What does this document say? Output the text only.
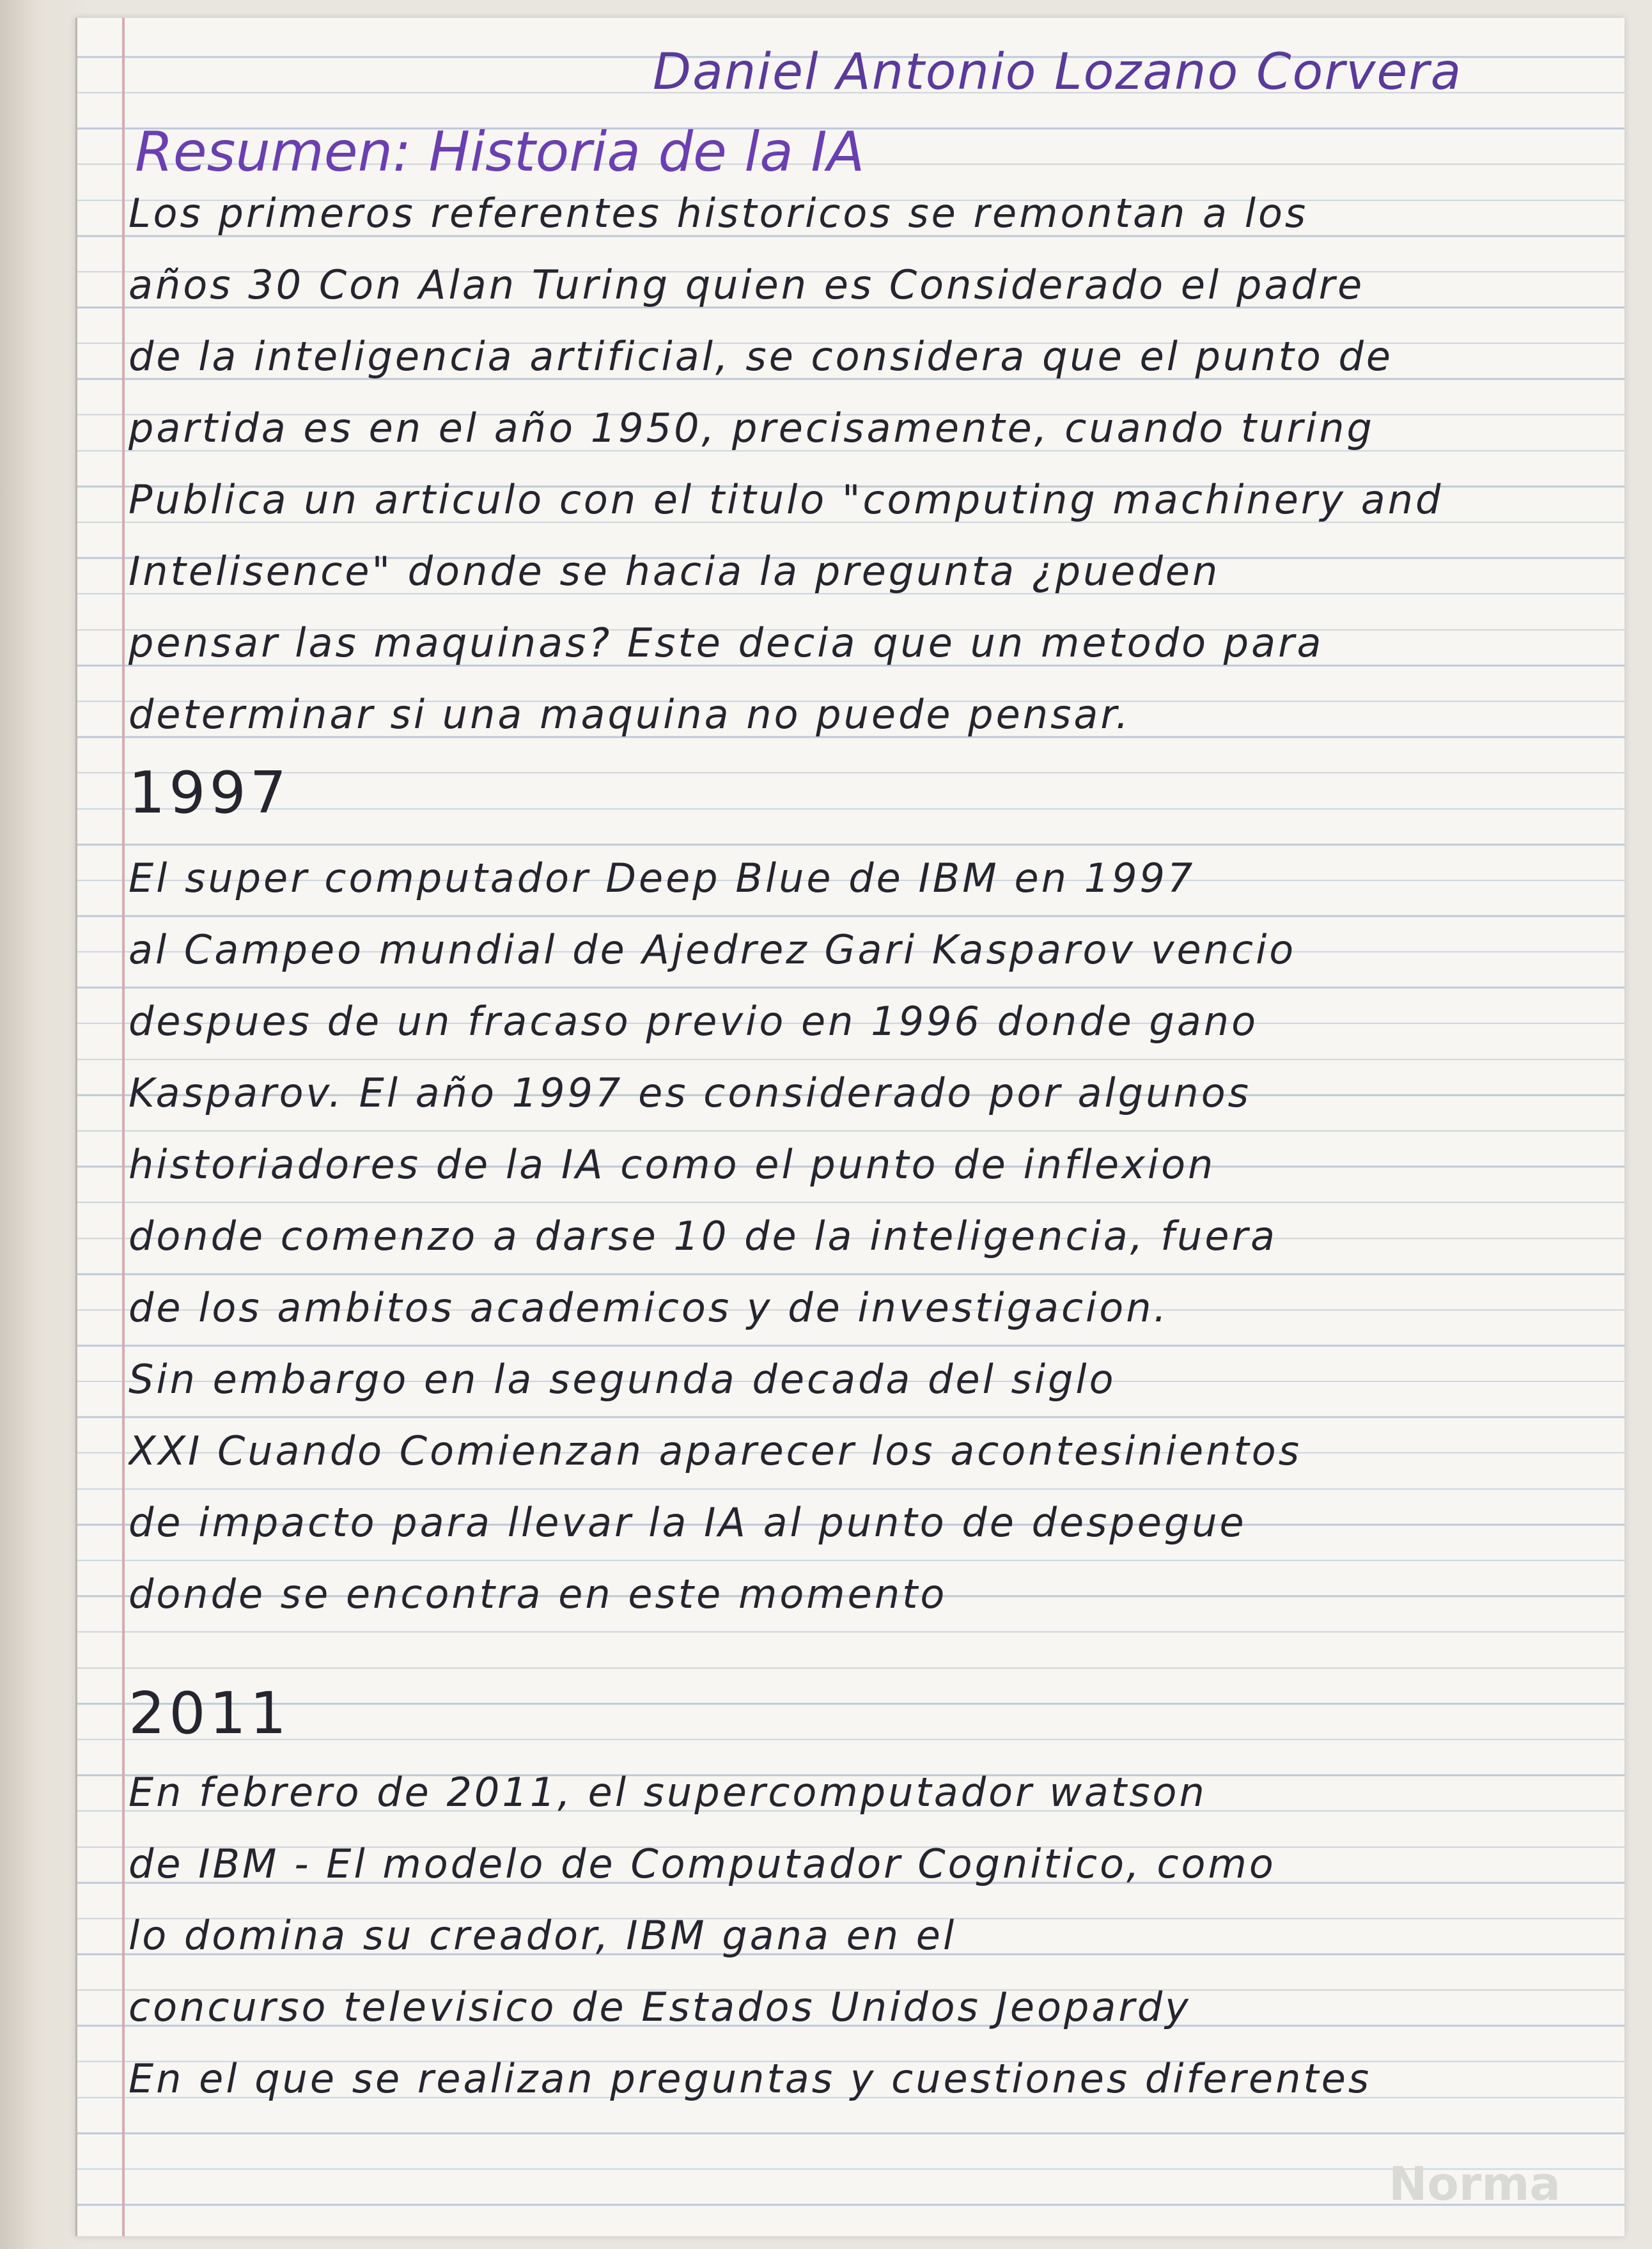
Daniel Antonio Lozano Corvera
Resumen: Historia de la IA
Los primeros referentes historicos se remontan a los
años 30 Con Alan Turing quien es Considerado el padre
de la inteligencia artificial, se considera que el punto de
partida es en el año 1950, precisamente, cuando turing
Publica un articulo con el titulo "computing machinery and
Intelisence" donde se hacia la pregunta ¿pueden
pensar las maquinas? Este decia que un metodo para
determinar si una maquina no puede pensar.
1997
El super computador Deep Blue de IBM en 1997
al Campeo mundial de Ajedrez Gari Kasparov vencio
despues de un fracaso previo en 1996 donde gano
Kasparov. El año 1997 es considerado por algunos
historiadores de la IA como el punto de inflexion
donde comenzo a darse 10 de la inteligencia, fuera
de los ambitos academicos y de investigacion.
Sin embargo en la segunda decada del siglo
XXI Cuando Comienzan aparecer los acontesinientos
de impacto para llevar la IA al punto de despegue
donde se encontra en este momento
2011
En febrero de 2011, el supercomputador watson
de IBM - El modelo de Computador Cognitico, como
lo domina su creador, IBM gana en el
concurso televisico de Estados Unidos Jeopardy
En el que se realizan preguntas y cuestiones diferentes
Norma
